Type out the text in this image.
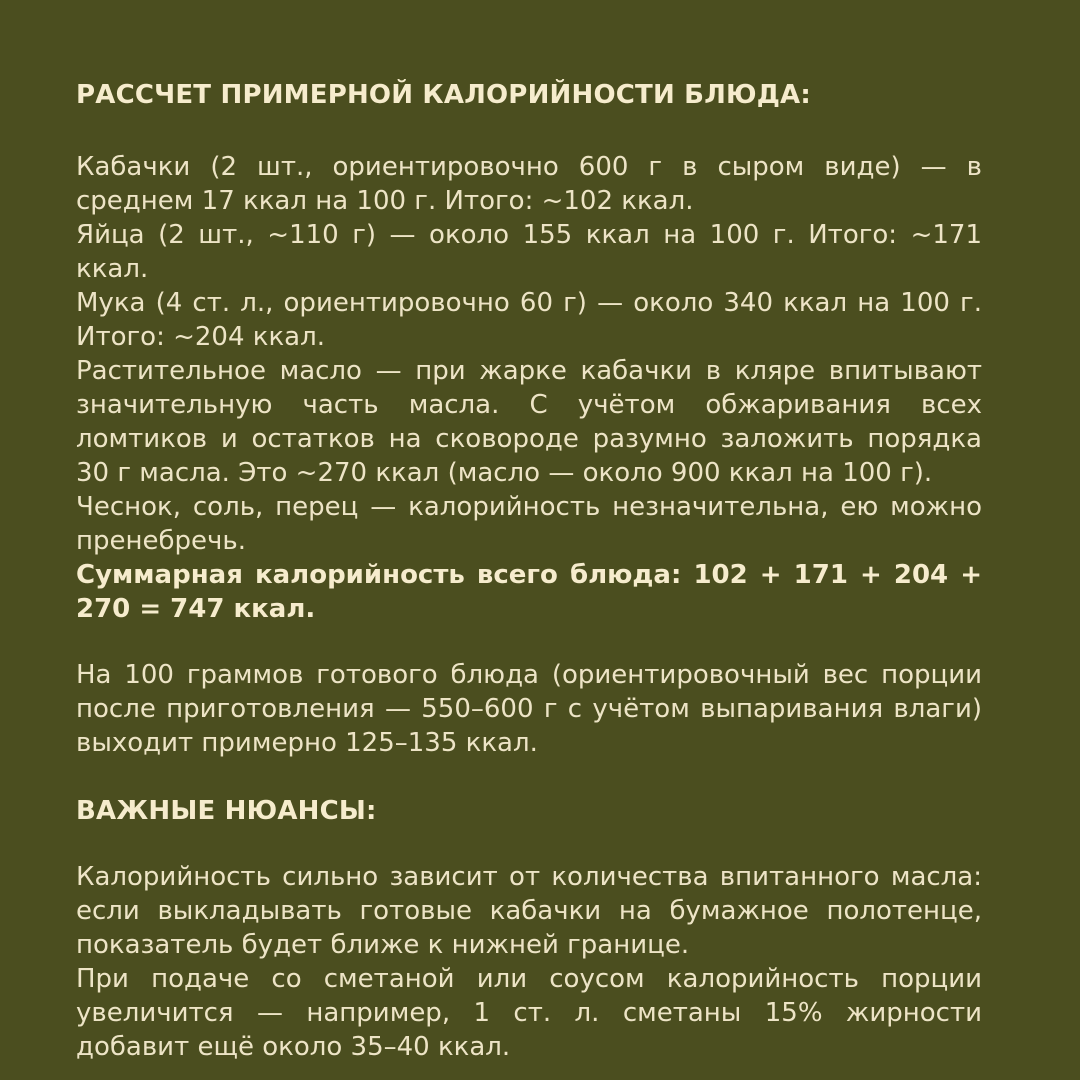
РАССЧЕТ ПРИМЕРНОЙ КАЛОРИЙНОСТИ БЛЮДА:

Кабачки (2 шт., ориентировочно 600 г в сыром виде) — в среднем 17 ккал на 100 г. Итого: ~102 ккал.

Яйца (2 шт., ~110 г) — около 155 ккал на 100 г. Итого: ~171 ккал.

Мука (4 ст. л., ориентировочно 60 г) — около 340 ккал на 100 г. Итого: ~204 ккал.

Растительное масло — при жарке кабачки в кляре впитывают значительную часть масла. С учётом обжаривания всех ломтиков и остатков на сковороде разумно заложить порядка 30 г масла. Это ~270 ккал (масло — около 900 ккал на 100 г).

Чеснок, соль, перец — калорийность незначительна, ею можно пренебречь.

Суммарная калорийность всего блюда: 102 + 171 + 204 + 270 = 747 ккал.

На 100 граммов готового блюда (ориентировочный вес порции после приготовления — 550–600 г с учётом выпаривания влаги) выходит примерно 125–135 ккал.

ВАЖНЫЕ НЮАНСЫ:

Калорийность сильно зависит от количества впитанного масла: если выкладывать готовые кабачки на бумажное полотенце, показатель будет ближе к нижней границе.

При подаче со сметаной или соусом калорийность порции увеличится — например, 1 ст. л. сметаны 15% жирности добавит ещё около 35–40 ккал.
